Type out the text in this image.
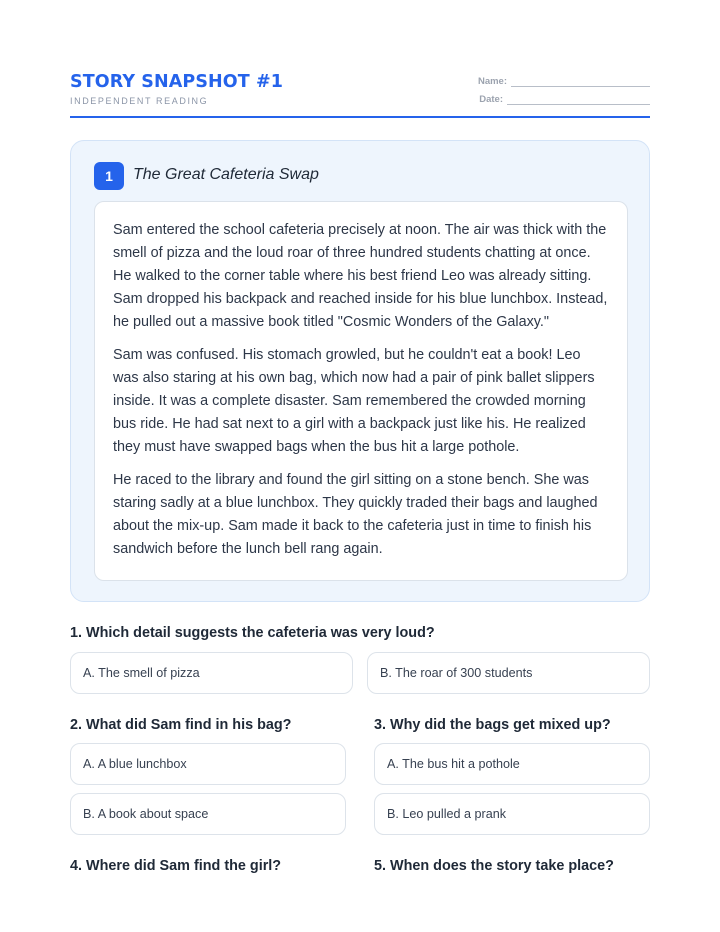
STORY SNAPSHOT #1
INDEPENDENT READING
Name:
Date:
1	The Great Cafeteria Swap

Sam entered the school cafeteria precisely at noon. The air was thick with the smell of pizza and the loud roar of three hundred students chatting at once. He walked to the corner table where his best friend Leo was already sitting. Sam dropped his backpack and reached inside for his blue lunchbox. Instead, he pulled out a massive book titled "Cosmic Wonders of the Galaxy."

Sam was confused. His stomach growled, but he couldn't eat a book! Leo was also staring at his own bag, which now had a pair of pink ballet slippers inside. It was a complete disaster. Sam remembered the crowded morning bus ride. He had sat next to a girl with a backpack just like his. He realized they must have swapped bags when the bus hit a large pothole.

He raced to the library and found the girl sitting on a stone bench. She was staring sadly at a blue lunchbox. They quickly traded their bags and laughed about the mix-up. Sam made it back to the cafeteria just in time to finish his sandwich before the lunch bell rang again.

1. Which detail suggests the cafeteria was very loud?
A. The smell of pizza	B. The roar of 300 students
2. What did Sam find in his bag?
A. A blue lunchbox
B. A book about space
3. Why did the bags get mixed up?
A. The bus hit a pothole
B. Leo pulled a prank
4. Where did Sam find the girl?	5. When does the story take place?
